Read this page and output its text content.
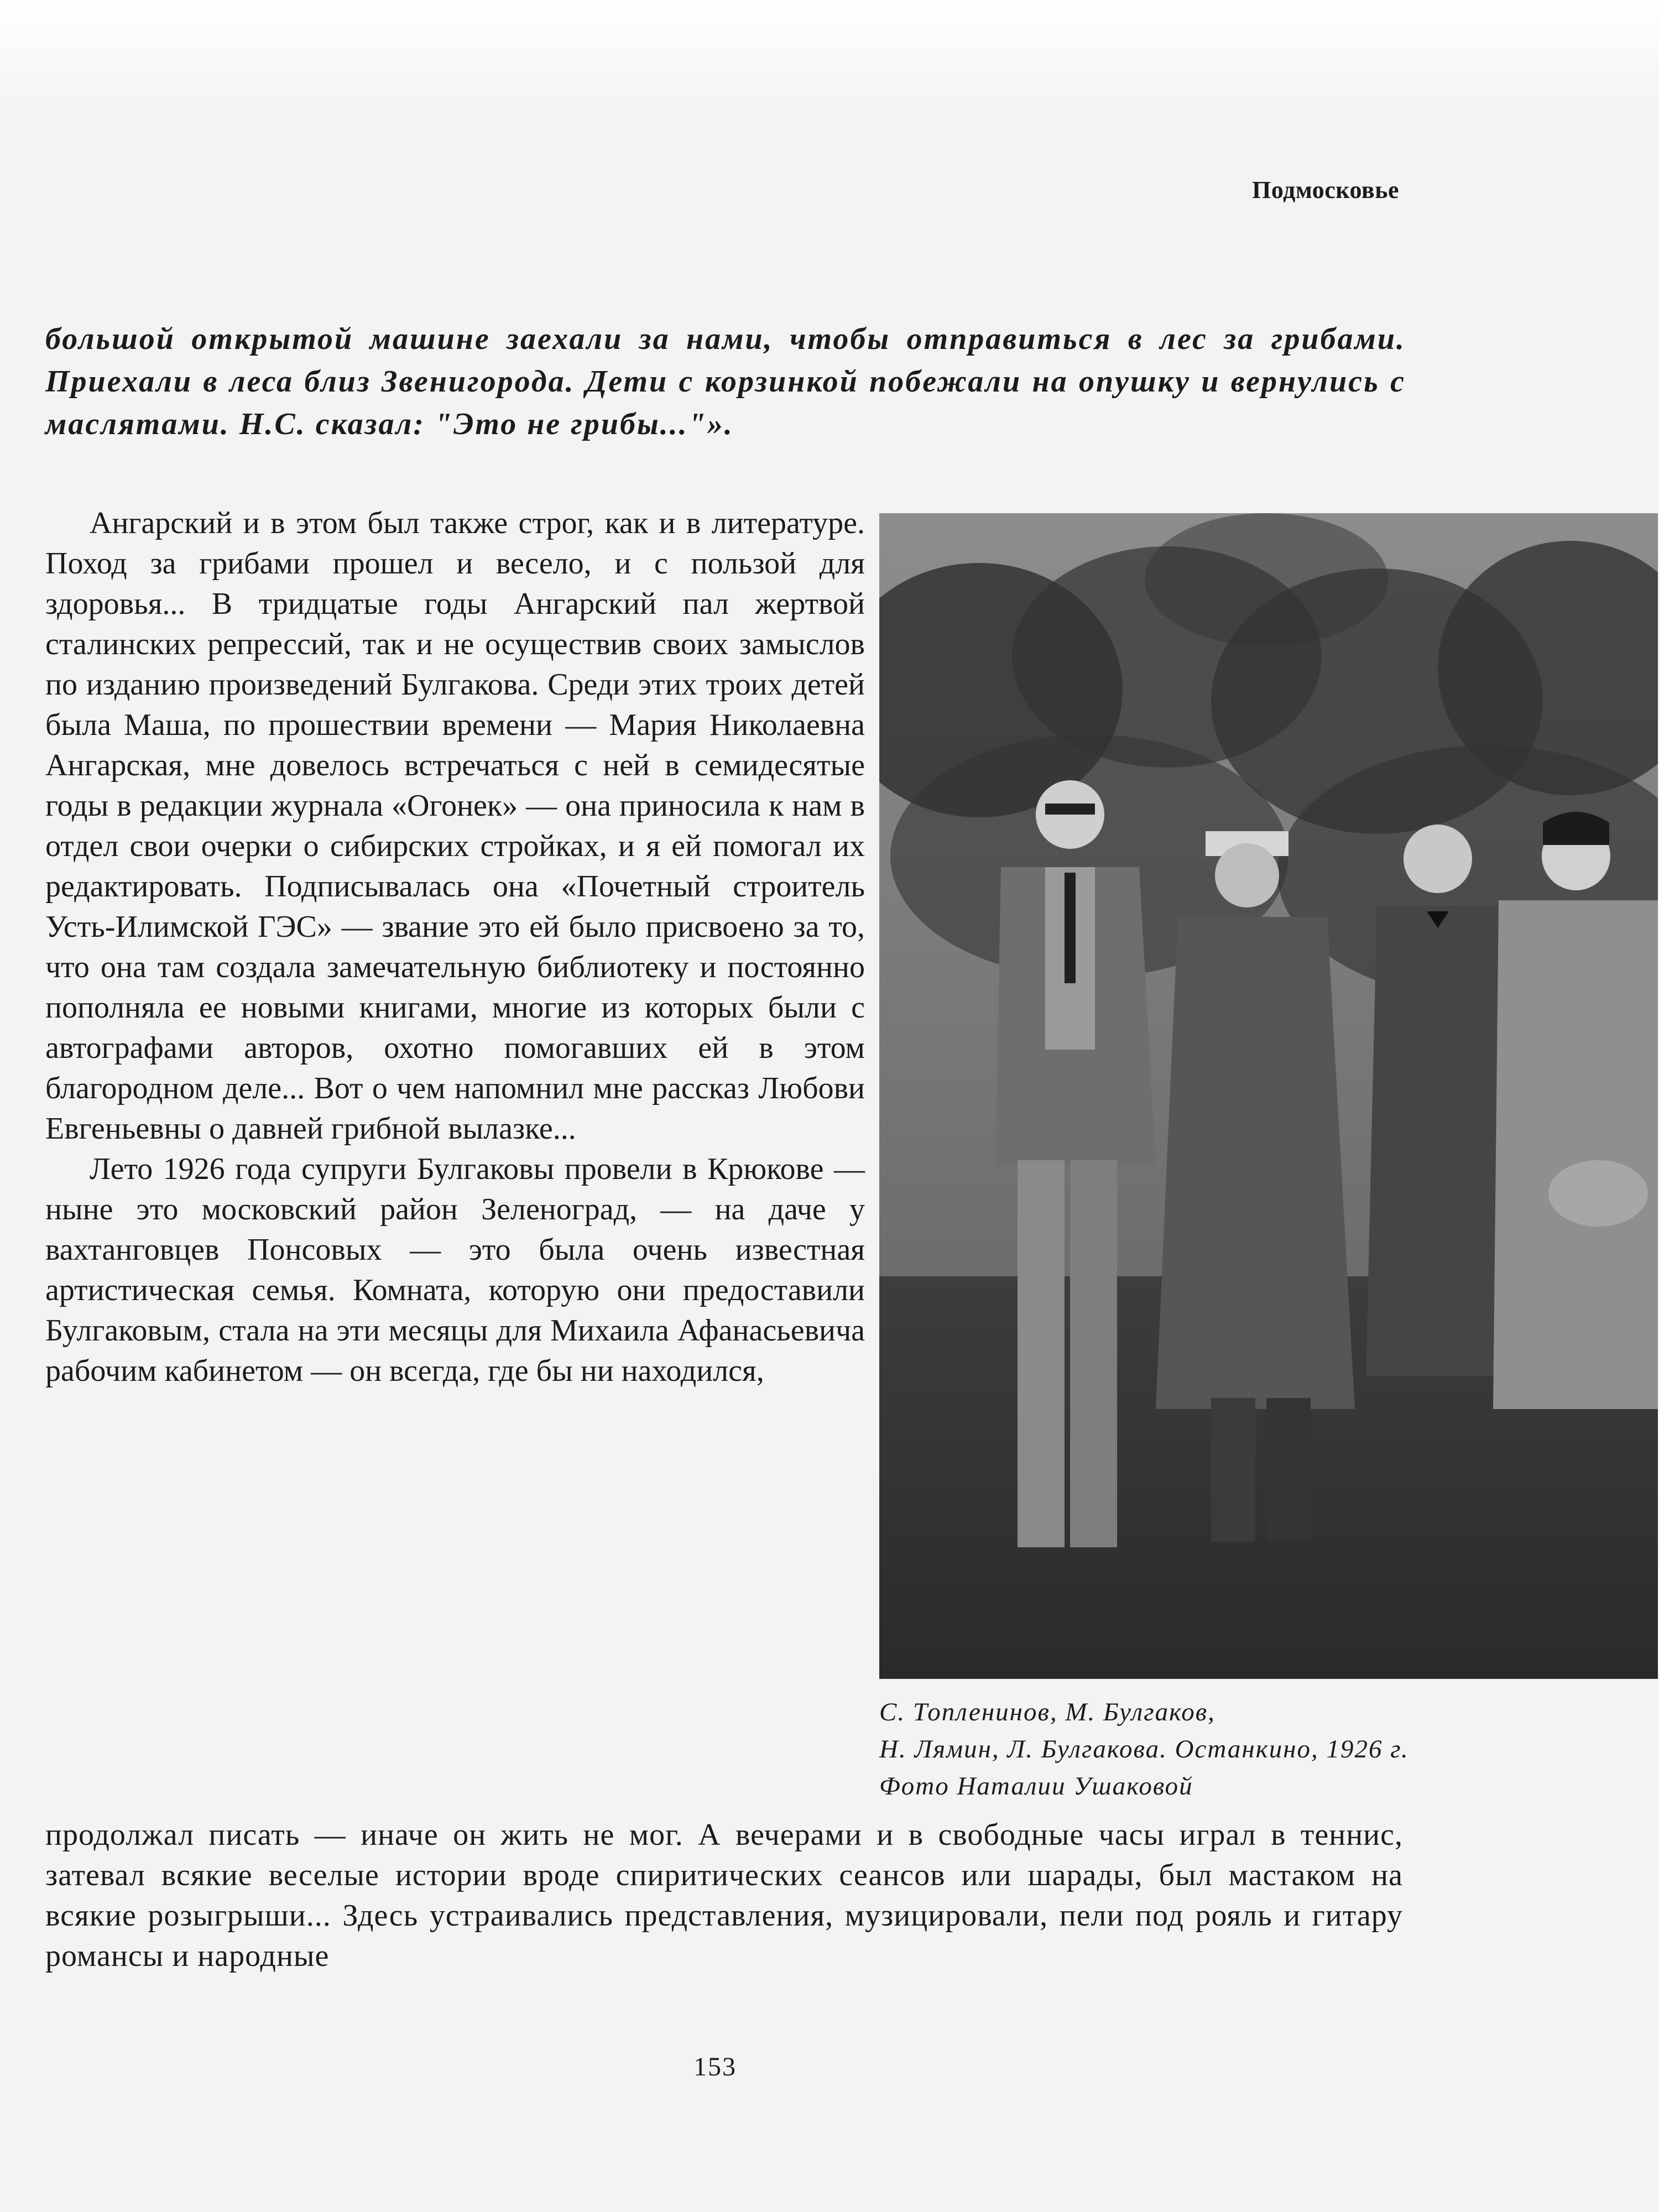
Подмосковье

большой открытой машине заехали за нами, чтобы отправиться в лес за грибами. Приехали в леса близ Звенигорода. Дети с корзинкой побежали на опушку и вернулись с маслятами. Н.С. сказал: "Это не грибы..."».

Ангарский и в этом был также строг, как и в литературе. Поход за грибами прошел и весело, и с пользой для здоровья... В тридцатые годы Ангарский пал жертвой сталинских репрессий, так и не осуществив своих замыслов по изданию произведений Булгакова. Среди этих троих детей была Маша, по прошествии времени — Мария Николаевна Ангарская, мне довелось встречаться с ней в семидесятые годы в редакции журнала «Огонек» — она приносила к нам в отдел свои очерки о сибирских стройках, и я ей помогал их редактировать. Подписывалась она «Почетный строитель Усть-Илимской ГЭС» — звание это ей было присвоено за то, что она там создала замечательную библиотеку и постоянно пополняла ее новыми книгами, многие из которых были с автографами авторов, охотно помогавших ей в этом благородном деле... Вот о чем напомнил мне рассказ Любови Евгеньевны о давней грибной вылазке...

Лето 1926 года супруги Булгаковы провели в Крюкове — ныне это московский район Зеленоград, — на даче у вахтанговцев Понсовых — это была очень известная артистическая семья. Комната, которую они предоставили Булгаковым, стала на эти месяцы для Михаила Афанасьевича рабочим кабинетом — он всегда, где бы ни находился,

С. Топленинов, М. Булгаков,
Н. Лямин, Л. Булгакова. Останкино, 1926 г.
Фото Наталии Ушаковой

продолжал писать — иначе он жить не мог. А вечерами и в свободные часы играл в теннис, затевал всякие веселые истории вроде спиритических сеансов или шарады, был мастаком на всякие розыгрыши... Здесь устраивались представления, музицировали, пели под рояль и гитару романсы и народные

153
